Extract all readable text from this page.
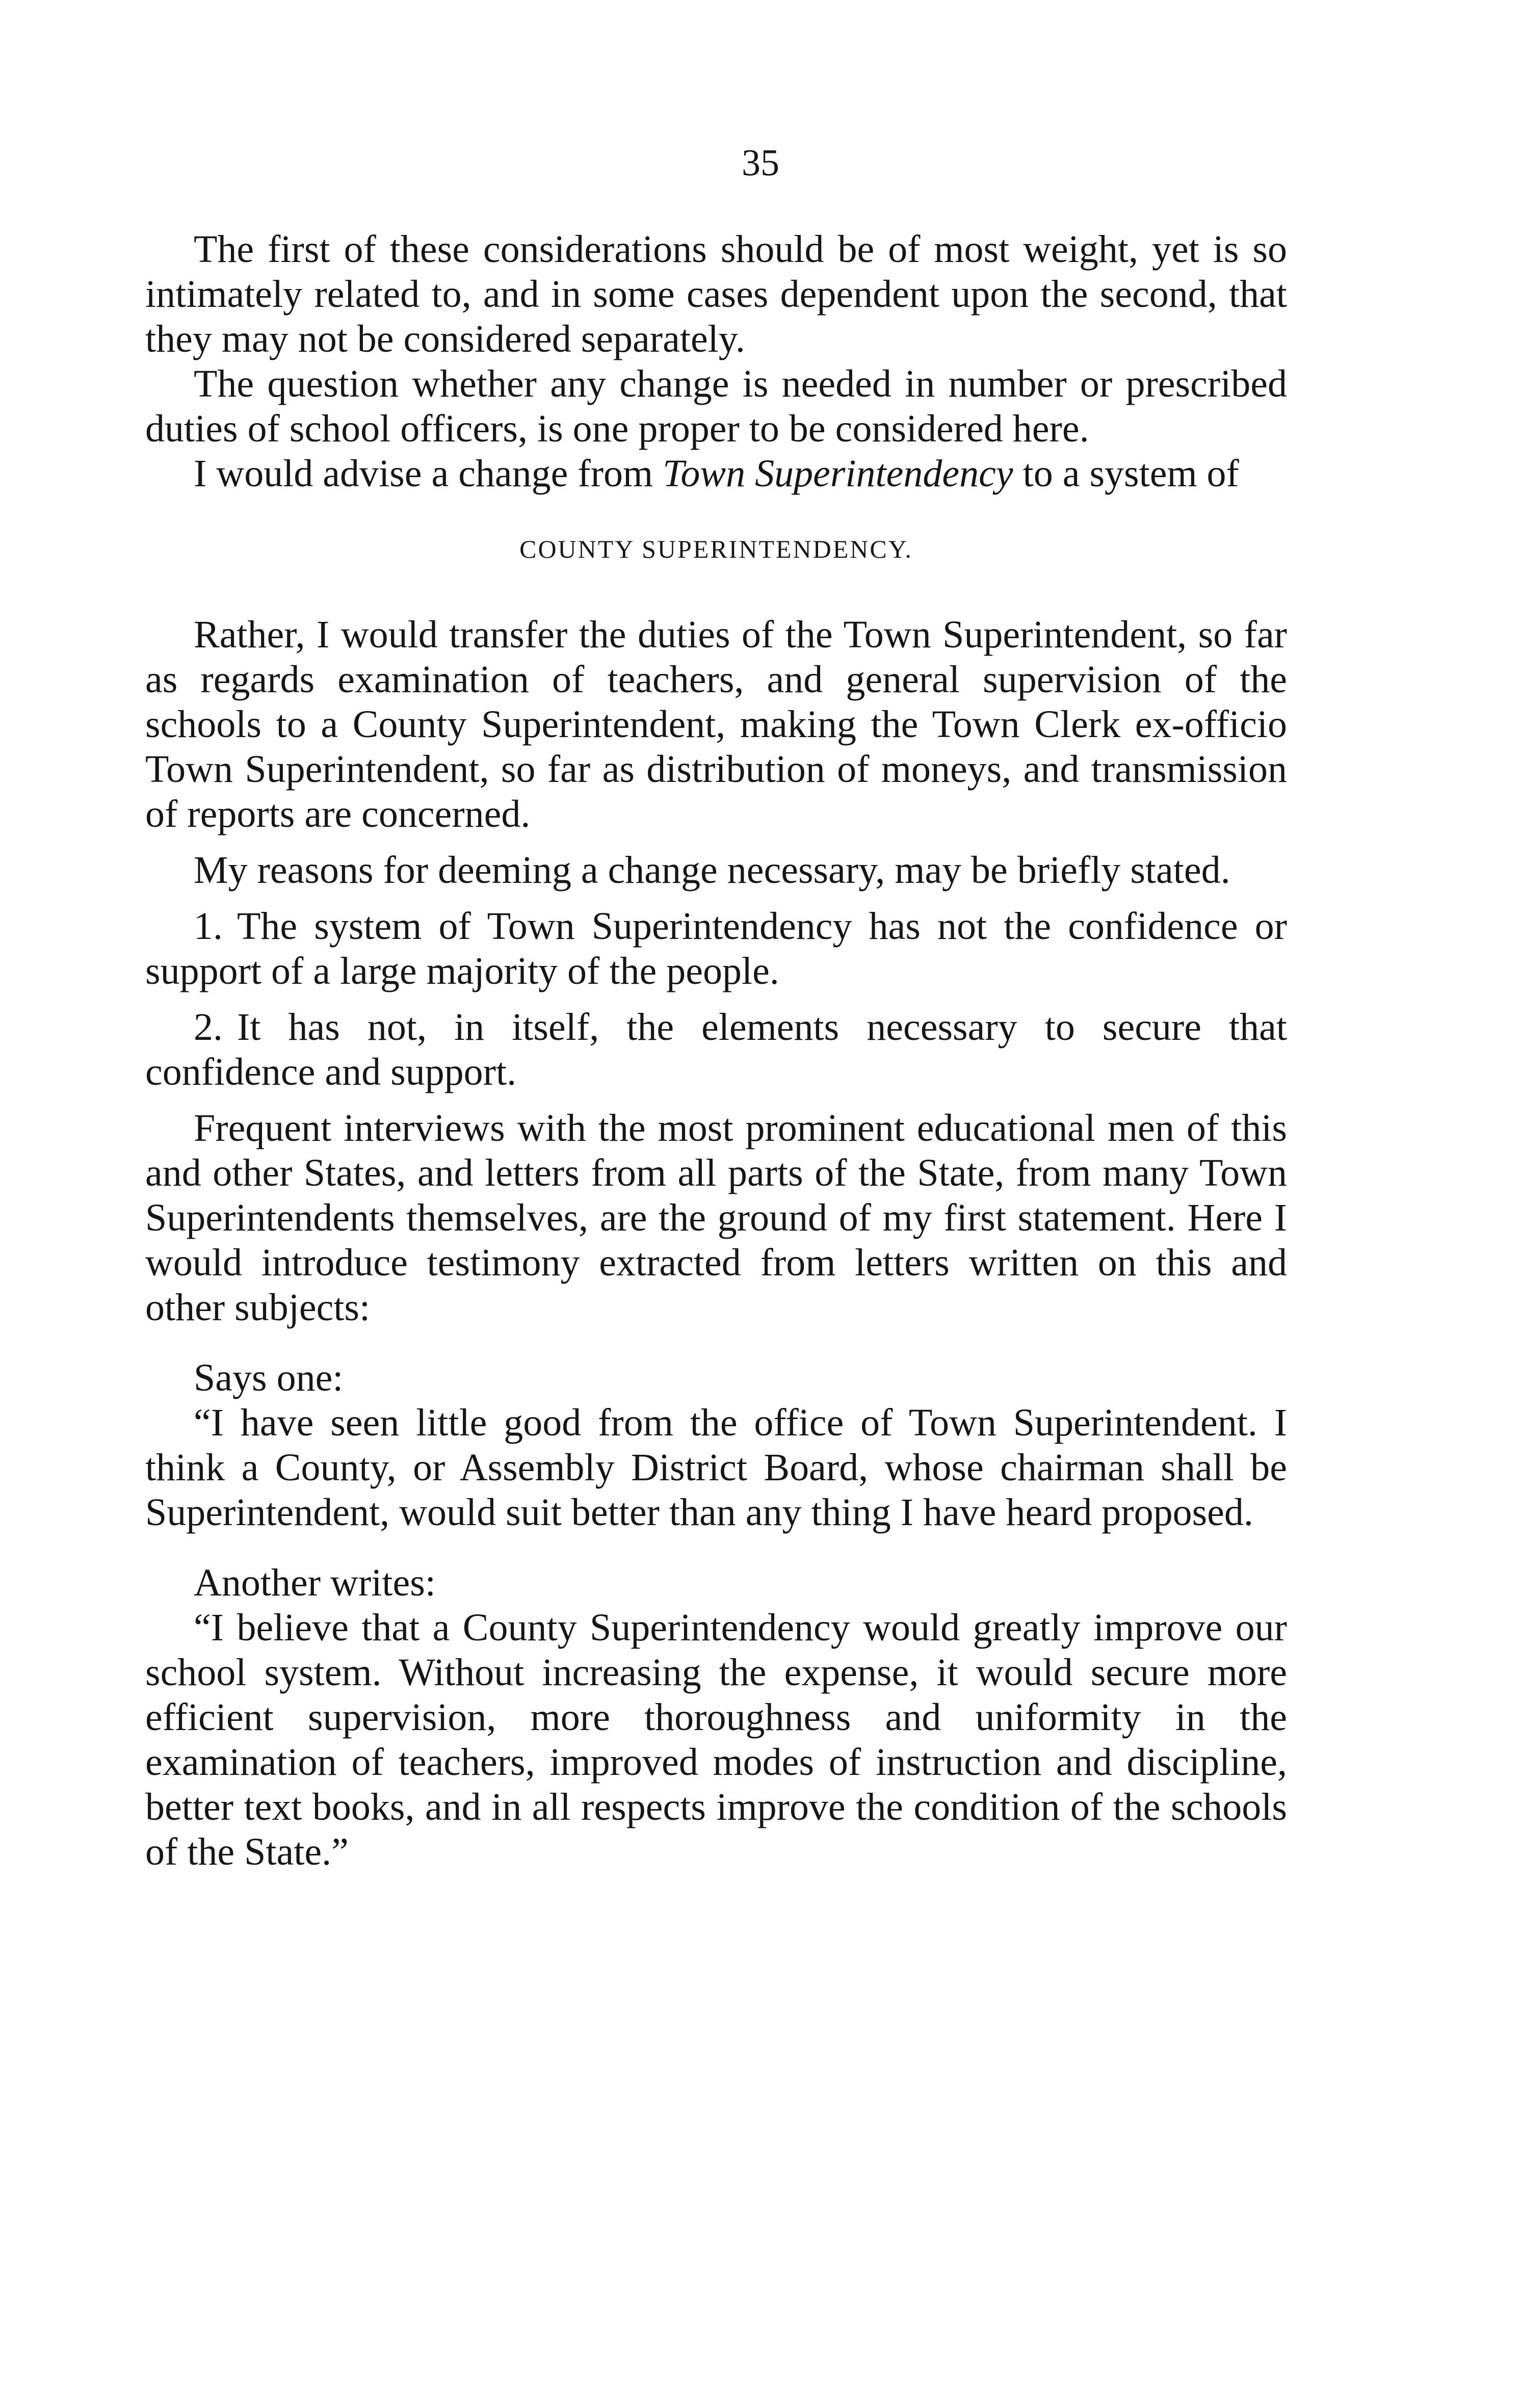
35

The first of these considerations should be of most weight, yet is so intimately related to, and in some cases dependent upon the second, that they may not be considered separately.

The question whether any change is needed in number or prescribed duties of school officers, is one proper to be considered here.

I would advise a change from Town Superintendency to a system of

COUNTY SUPERINTENDENCY.

Rather, I would transfer the duties of the Town Superintendent, so far as regards examination of teachers, and general supervision of the schools to a County Superintendent, making the Town Clerk ex-officio Town Superintendent, so far as distribution of moneys, and transmission of reports are concerned.

My reasons for deeming a change necessary, may be briefly stated.

1. The system of Town Superintendency has not the confidence or support of a large majority of the people.

2. It has not, in itself, the elements necessary to secure that confidence and support.

Frequent interviews with the most prominent educational men of this and other States, and letters from all parts of the State, from many Town Superintendents themselves, are the ground of my first statement. Here I would introduce testimony extracted from letters written on this and other subjects:

Says one:

“I have seen little good from the office of Town Superintendent. I think a County, or Assembly District Board, whose chairman shall be Superintendent, would suit better than any thing I have heard proposed.

Another writes:

“I believe that a County Superintendency would greatly improve our school system. Without increasing the expense, it would secure more efficient supervision, more thoroughness and uniformity in the examination of teachers, improved modes of instruction and discipline, better text books, and in all respects improve the condition of the schools of the State.”
